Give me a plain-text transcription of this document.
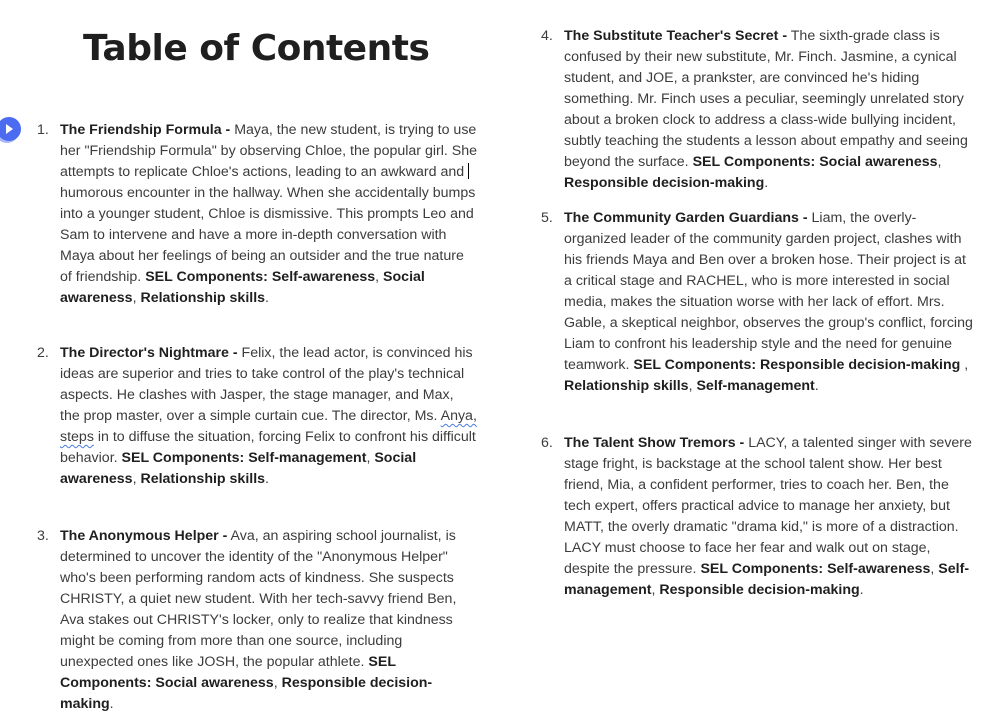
Table of Contents
1. The Friendship Formula - Maya, the new student, is trying to use her "Friendship Formula" by observing Chloe, the popular girl. She attempts to replicate Chloe's actions, leading to an awkward and humorous encounter in the hallway. When she accidentally bumps into a younger student, Chloe is dismissive. This prompts Leo and Sam to intervene and have a more in-depth conversation with Maya about her feelings of being an outsider and the true nature of friendship. SEL Components: Self-awareness, Social awareness, Relationship skills.
2. The Director's Nightmare - Felix, the lead actor, is convinced his ideas are superior and tries to take control of the play's technical aspects. He clashes with Jasper, the stage manager, and Max, the prop master, over a simple curtain cue. The director, Ms. Anya, steps in to diffuse the situation, forcing Felix to confront his difficult behavior. SEL Components: Self-management, Social awareness, Relationship skills.
3. The Anonymous Helper - Ava, an aspiring school journalist, is determined to uncover the identity of the "Anonymous Helper" who's been performing random acts of kindness. She suspects CHRISTY, a quiet new student. With her tech-savvy friend Ben, Ava stakes out CHRISTY's locker, only to realize that kindness might be coming from more than one source, including unexpected ones like JOSH, the popular athlete. SEL Components: Social awareness, Responsible decision-making.
4. The Substitute Teacher's Secret - The sixth-grade class is confused by their new substitute, Mr. Finch. Jasmine, a cynical student, and JOE, a prankster, are convinced he's hiding something. Mr. Finch uses a peculiar, seemingly unrelated story about a broken clock to address a class-wide bullying incident, subtly teaching the students a lesson about empathy and seeing beyond the surface. SEL Components: Social awareness, Responsible decision-making.
5. The Community Garden Guardians - Liam, the overly-organized leader of the community garden project, clashes with his friends Maya and Ben over a broken hose. Their project is at a critical stage and RACHEL, who is more interested in social media, makes the situation worse with her lack of effort. Mrs. Gable, a skeptical neighbor, observes the group's conflict, forcing Liam to confront his leadership style and the need for genuine teamwork. SEL Components: Responsible decision-making , Relationship skills, Self-management.
6. The Talent Show Tremors - LACY, a talented singer with severe stage fright, is backstage at the school talent show. Her best friend, Mia, a confident performer, tries to coach her. Ben, the tech expert, offers practical advice to manage her anxiety, but MATT, the overly dramatic "drama kid," is more of a distraction. LACY must choose to face her fear and walk out on stage, despite the pressure. SEL Components: Self-awareness, Self-management, Responsible decision-making.
